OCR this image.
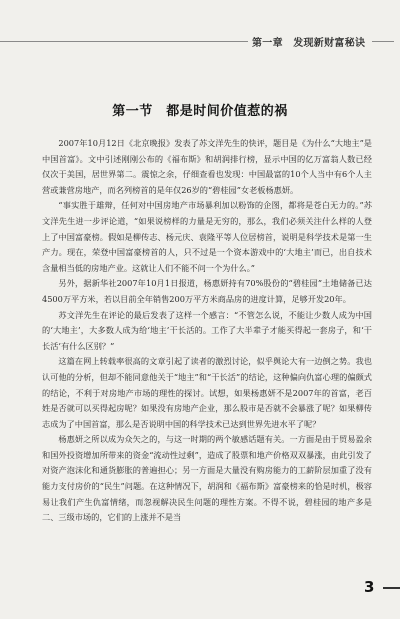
第一章　发现新财富秘诀
第一节　都是时间价值惹的祸

2007年10月12日《北京晚报》发表了苏文洋先生的快评，题目是《为什么“大地主”是中国首富》。文中引述刚刚公布的《福布斯》和胡润排行榜，显示中国的亿万富翁人数已经仅次于美国，居世界第二。震惊之余，仔细查看也发现：中国最富的10个人当中有6个人主营或兼营房地产，而名列榜首的是年仅26岁的“碧桂园”女老板杨惠妍。

“事实胜于雄辩，任何对中国房地产市场暴利加以粉饰的企图，都将是苍白无力的。”苏文洋先生进一步评论道，“如果说榜样的力量是无穷的，那么，我们必须关注什么样的人登上了中国富豪榜。假如是柳传志、杨元庆、袁隆平等人位居榜首，说明是科学技术是第一生产力。现在，荣登中国富豪榜首的人，只不过是一个资本游戏中的‘大地主’而已，出自技术含量相当低的房地产业。这就让人们不能不问一个为什么。”

另外，据新华社2007年10月1日报道，杨惠妍持有70%股份的“碧桂园”土地储备已达4500万平方米，若以目前全年销售200万平方米商品房的进度计算，足够开发20年。

苏文洋先生在评论的最后发表了这样一个感言：“不管怎么说，不能让少数人成为中国的‘大地主’，大多数人成为给‘地主’干长活的。工作了大半辈子才能买得起一套房子，和‘干长活’有什么区别？”

这篇在网上转载率很高的文章引起了读者的激烈讨论，似乎舆论大有一边倒之势。我也认可他的分析，但却不能同意他关于“地主”和“干长活”的结论，这种偏向仇富心理的偏颇式的结论，不利于对房地产市场的理性的探讨。试想，如果杨惠妍不是2007年的首富，老百姓是否就可以买得起房呢？如果没有房地产企业，那么股市是否就不会暴涨了呢？如果柳传志成为了中国首富，那么是否说明中国的科学技术已达到世界先进水平了呢？

杨惠妍之所以成为众矢之的，与这一时期的两个敏感话题有关。一方面是由于贸易盈余和国外投资增加所带来的资金“流动性过剩”，造成了股票和地产价格双双暴涨，由此引发了对资产泡沫化和通货膨胀的普遍担心；另一方面是大量没有购房能力的工薪阶层加重了没有能力支付房价的“民生”问题。在这种情况下，胡润和《福布斯》富豪榜来的恰是时机，极容易让我们产生仇富情绪，而忽视解决民生问题的理性方案。不得不说，碧桂园的地产多是二、三级市场的，它们的上涨并不是当

3
